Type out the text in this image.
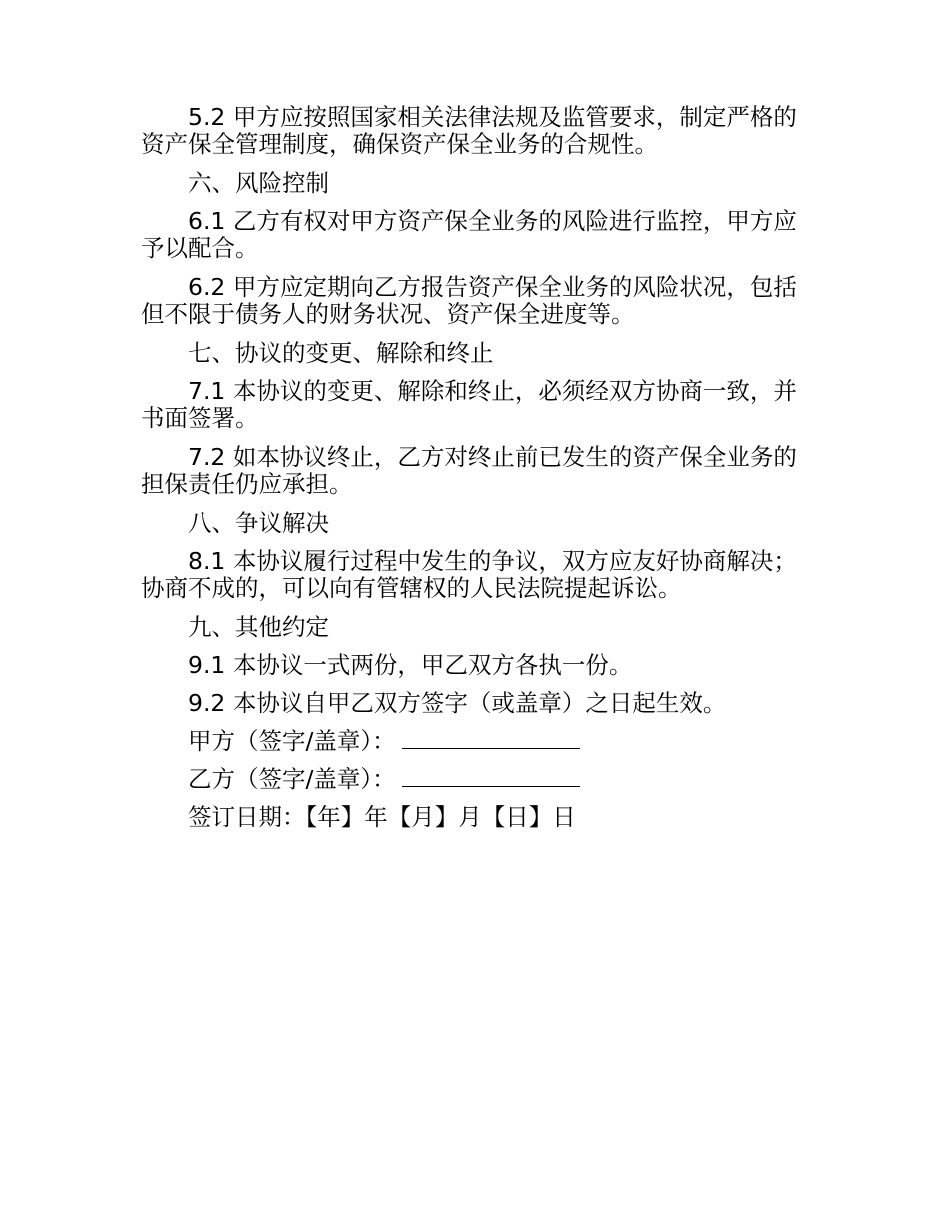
5.2 甲方应按照国家相关法律法规及监管要求，制定严格的资产保全管理制度，确保资产保全业务的合规性。

六、风险控制

6.1 乙方有权对甲方资产保全业务的风险进行监控，甲方应予以配合。

6.2 甲方应定期向乙方报告资产保全业务的风险状况，包括但不限于债务人的财务状况、资产保全进度等。

七、协议的变更、解除和终止

7.1 本协议的变更、解除和终止，必须经双方协商一致，并书面签署。

7.2 如本协议终止，乙方对终止前已发生的资产保全业务的担保责任仍应承担。

八、争议解决

8.1 本协议履行过程中发生的争议，双方应友好协商解决；协商不成的，可以向有管辖权的人民法院提起诉讼。

九、其他约定

9.1 本协议一式两份，甲乙双方各执一份。

9.2 本协议自甲乙双方签字（或盖章）之日起生效。

甲方（签字/盖章）：

乙方（签字/盖章）：

签订日期：【年】年【月】月【日】日
